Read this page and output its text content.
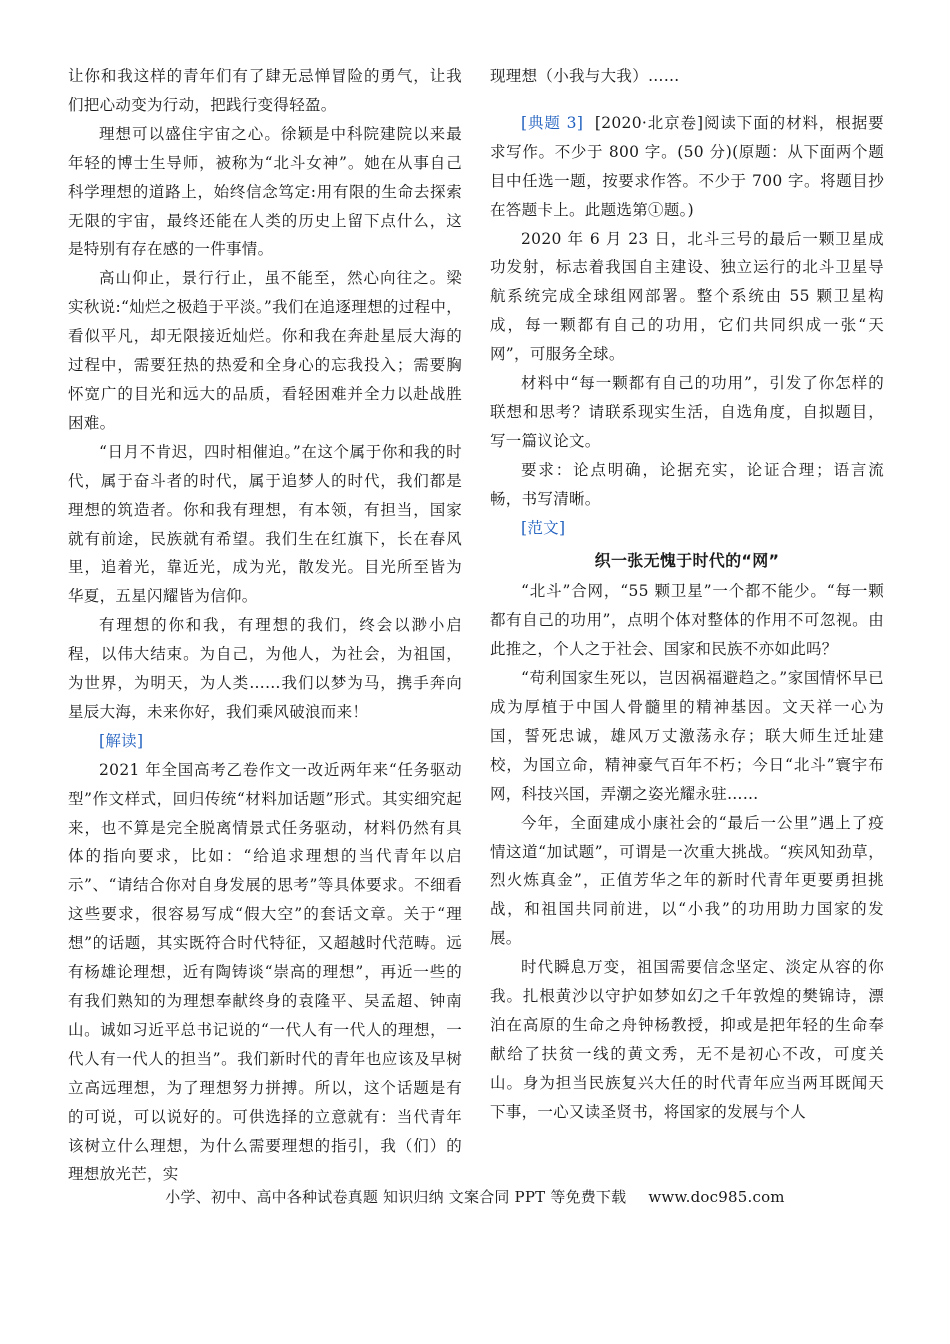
让你和我这样的青年们有了肆无忌惮冒险的勇气，让我们把心动变为行动，把践行变得轻盈。

理想可以盛住宇宙之心。徐颖是中科院建院以来最年轻的博士生导师，被称为“北斗女神”。她在从事自己科学理想的道路上，始终信念笃定:用有限的生命去探索无限的宇宙，最终还能在人类的历史上留下点什么，这是特别有存在感的一件事情。

高山仰止，景行行止，虽不能至，然心向往之。梁实秋说:“灿烂之极趋于平淡。”我们在追逐理想的过程中，看似平凡，却无限接近灿烂。你和我在奔赴星辰大海的过程中，需要狂热的热爱和全身心的忘我投入；需要胸怀宽广的目光和远大的品质，看轻困难并全力以赴战胜困难。

“日月不肯迟，四时相催迫。”在这个属于你和我的时代，属于奋斗者的时代，属于追梦人的时代，我们都是理想的筑造者。你和我有理想，有本领，有担当，国家就有前途，民族就有希望。我们生在红旗下，长在春风里，追着光，靠近光，成为光，散发光。目光所至皆为华夏，五星闪耀皆为信仰。

有理想的你和我，有理想的我们，终会以渺小启程，以伟大结束。为自己，为他人，为社会，为祖国，为世界，为明天，为人类……我们以梦为马，携手奔向星辰大海，未来你好，我们乘风破浪而来！

[解读]

2021 年全国高考乙卷作文一改近两年来“任务驱动型”作文样式，回归传统“材料加话题”形式。其实细究起来，也不算是完全脱离情景式任务驱动，材料仍然有具体的指向要求，比如：“给追求理想的当代青年以启示”、“请结合你对自身发展的思考”等具体要求。不细看这些要求，很容易写成“假大空”的套话文章。关于“理想”的话题，其实既符合时代特征，又超越时代范畴。远有杨雄论理想，近有陶铸谈“崇高的理想”，再近一些的有我们熟知的为理想奉献终身的袁隆平、吴孟超、钟南山。诚如习近平总书记说的“一代人有一代人的理想，一代人有一代人的担当”。我们新时代的青年也应该及早树立高远理想，为了理想努力拼搏。所以，这个话题是有的可说，可以说好的。可供选择的立意就有：当代青年该树立什么理想，为什么需要理想的指引，我（们）的理想放光芒，实

现理想（小我与大我）……

[典题 3] [2020·北京卷]阅读下面的材料，根据要求写作。不少于 800 字。(50 分)(原题：从下面两个题目中任选一题，按要求作答。不少于 700 字。将题目抄在答题卡上。此题选第①题。)

2020 年 6 月 23 日，北斗三号的最后一颗卫星成功发射，标志着我国自主建设、独立运行的北斗卫星导航系统完成全球组网部署。整个系统由 55 颗卫星构成，每一颗都有自己的功用，它们共同织成一张“天网”，可服务全球。

材料中“每一颗都有自己的功用”，引发了你怎样的联想和思考？请联系现实生活，自选角度，自拟题目，写一篇议论文。

要求：论点明确，论据充实，论证合理；语言流畅，书写清晰。

[范文]

织一张无愧于时代的“网”

“北斗”合网，“55 颗卫星”一个都不能少。“每一颗都有自己的功用”，点明个体对整体的作用不可忽视。由此推之，个人之于社会、国家和民族不亦如此吗？

“苟利国家生死以，岂因祸福避趋之。”家国情怀早已成为厚植于中国人骨髓里的精神基因。文天祥一心为国，誓死忠诚，雄风万丈激荡永存；联大师生迁址建校，为国立命，精神豪气百年不朽；今日“北斗”寰宇布网，科技兴国，弄潮之姿光耀永驻……

今年，全面建成小康社会的“最后一公里”遇上了疫情这道“加试题”，可谓是一次重大挑战。“疾风知劲草，烈火炼真金”，正值芳华之年的新时代青年更要勇担挑战，和祖国共同前进，以“小我”的功用助力国家的发展。

时代瞬息万变，祖国需要信念坚定、淡定从容的你我。扎根黄沙以守护如梦如幻之千年敦煌的樊锦诗，漂泊在高原的生命之舟钟杨教授，抑或是把年轻的生命奉献给了扶贫一线的黄文秀，无不是初心不改，可度关山。身为担当民族复兴大任的时代青年应当两耳既闻天下事，一心又读圣贤书，将国家的发展与个人

小学、初中、高中各种试卷真题 知识归纳 文案合同 PPT 等免费下载 www.doc985.com
